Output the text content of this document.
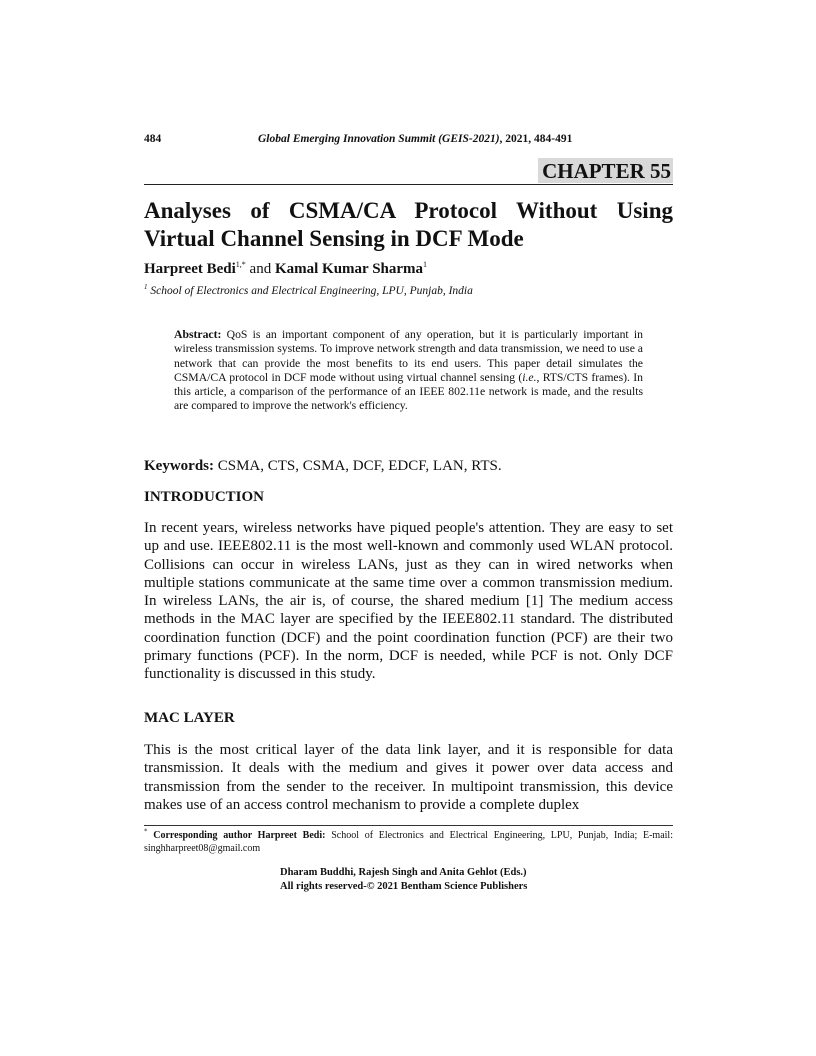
484	Global Emerging Innovation Summit (GEIS-2021), 2021, 484-491
CHAPTER 55
Analyses of CSMA/CA Protocol Without Using Virtual Channel Sensing in DCF Mode
Harpreet Bedi$^{1,*}$ and Kamal Kumar Sharma$^1$
$^1$ School of Electronics and Electrical Engineering, LPU, Punjab, India

Abstract: QoS is an important component of any operation, but it is particularly important in wireless transmission systems. To improve network strength and data transmission, we need to use a network that can provide the most benefits to its end users. This paper detail simulates the CSMA/CA protocol in DCF mode without using virtual channel sensing (i.e., RTS/CTS frames). In this article, a comparison of the performance of an IEEE 802.11e network is made, and the results are compared to improve the network's efficiency.

Keywords: CSMA, CTS, CSMA, DCF, EDCF, LAN, RTS.
INTRODUCTION

In recent years, wireless networks have piqued people's attention. They are easy to set up and use. IEEE802.11 is the most well-known and commonly used WLAN protocol. Collisions can occur in wireless LANs, just as they can in wired networks when multiple stations communicate at the same time over a common transmission medium. In wireless LANs, the air is, of course, the shared medium [1] The medium access methods in the MAC layer are specified by the IEEE802.11 standard. The distributed coordination function (DCF) and the point coordination function (PCF) are their two primary functions (PCF). In the norm, DCF is needed, while PCF is not. Only DCF functionality is discussed in this study.

MAC LAYER

This is the most critical layer of the data link layer, and it is responsible for data transmission. It deals with the medium and gives it power over data access and transmission from the sender to the receiver. In multipoint transmission, this device makes use of an access control mechanism to provide a complete duplex

* Corresponding author Harpreet Bedi: School of Electronics and Electrical Engineering, LPU, Punjab, India; E-mail: singhharpreet08@gmail.com

Dharam Buddhi, Rajesh Singh and Anita Gehlot (Eds.)
All rights reserved-© 2021 Bentham Science Publishers
